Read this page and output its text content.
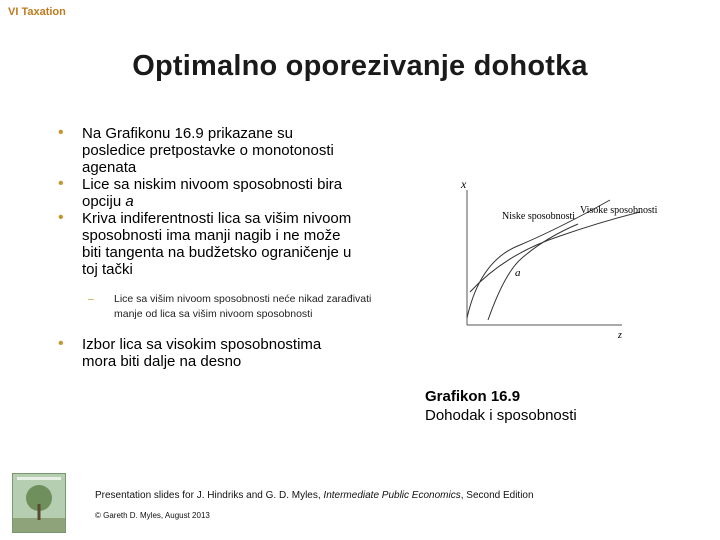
VI Taxation
Optimalno oporezivanje dohotka
• Na Grafikonu 16.9 prikazane su posledice pretpostavke o monotonosti agenata
• Lice sa niskim nivoom sposobnosti bira opciju a
• Kriva indiferentnosti lica sa višim nivoom sposobnosti ima manji nagib i ne može biti tangenta na budžetsko ograničenje u toj tački
– Lice sa višim nivoom sposobnosti neće nikad zarađivati manje od lica sa višim nivoom sposobnosti
• Izbor lica sa visokim sposobnostima mora biti dalje na desno
x
z
Niske sposobnosti
Visoke sposobnosti
a
Grafikon 16.9
Dohodak i sposobnosti
Presentation slides for J. Hindriks and G. D. Myles, Intermediate Public Economics, Second Edition
© Gareth D. Myles, August 2013
